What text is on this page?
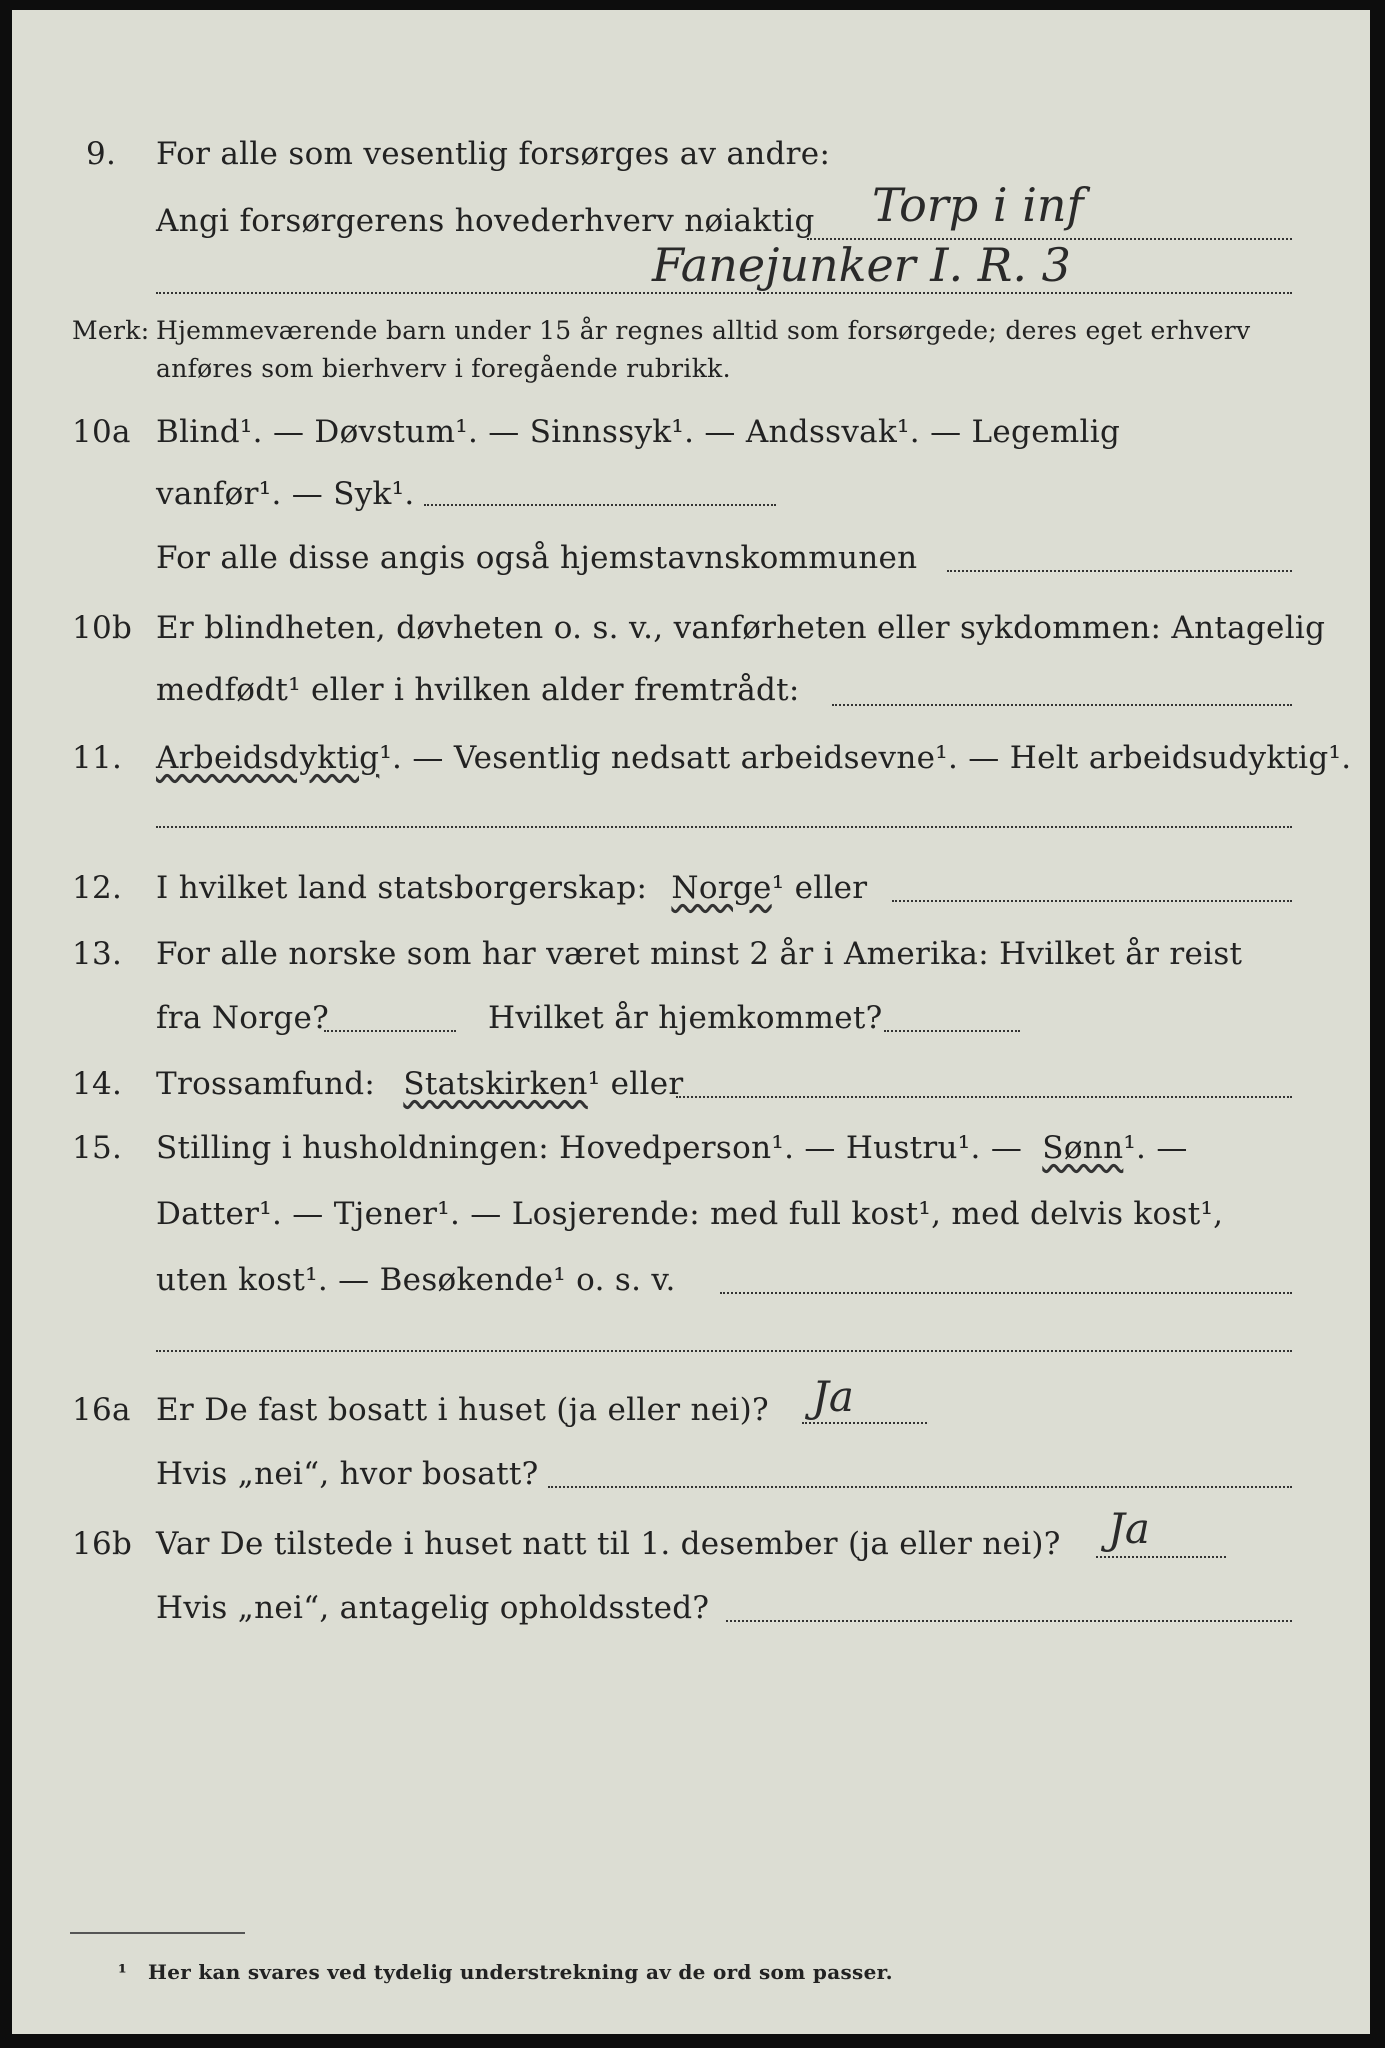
9. For alle som vesentlig forsørges av andre:
Angi forsørgerens hovederhverv nøiaktig Torp i inf
Fanejunker I. R. 3
Merk: Hjemmeværende barn under 15 år regnes alltid som forsørgede; deres eget erhverv
anføres som bierhverv i foregående rubrikk.
10a Blind¹. — Døvstum¹. — Sinnssyk¹. — Andssvak¹. — Legemlig
vanfør¹. — Syk¹.
For alle disse angis også hjemstavnskommunen
10b Er blindheten, døvheten o. s. v., vanførheten eller sykdommen: Antagelig
medfødt¹ eller i hvilken alder fremtrådt:
11. Arbeidsdyktig¹. — Vesentlig nedsatt arbeidsevne¹. — Helt arbeidsudyktig¹.
12. I hvilket land statsborgerskap: Norge¹ eller
13. For alle norske som har været minst 2 år i Amerika: Hvilket år reist
fra Norge?	Hvilket år hjemkommet?
14. Trossamfund: Statskirken¹ eller
15. Stilling i husholdningen: Hovedperson¹. — Hustru¹. — Sønn¹. —
Datter¹. — Tjener¹. — Losjerende: med full kost¹, med delvis kost¹,
uten kost¹. — Besøkende¹ o. s. v.
16a Er De fast bosatt i huset (ja eller nei)? Ja
Hvis „nei“, hvor bosatt?
16b Var De tilstede i huset natt til 1. desember (ja eller nei)? Ja
Hvis „nei“, antagelig opholdssted?
¹ Her kan svares ved tydelig understrekning av de ord som passer.
